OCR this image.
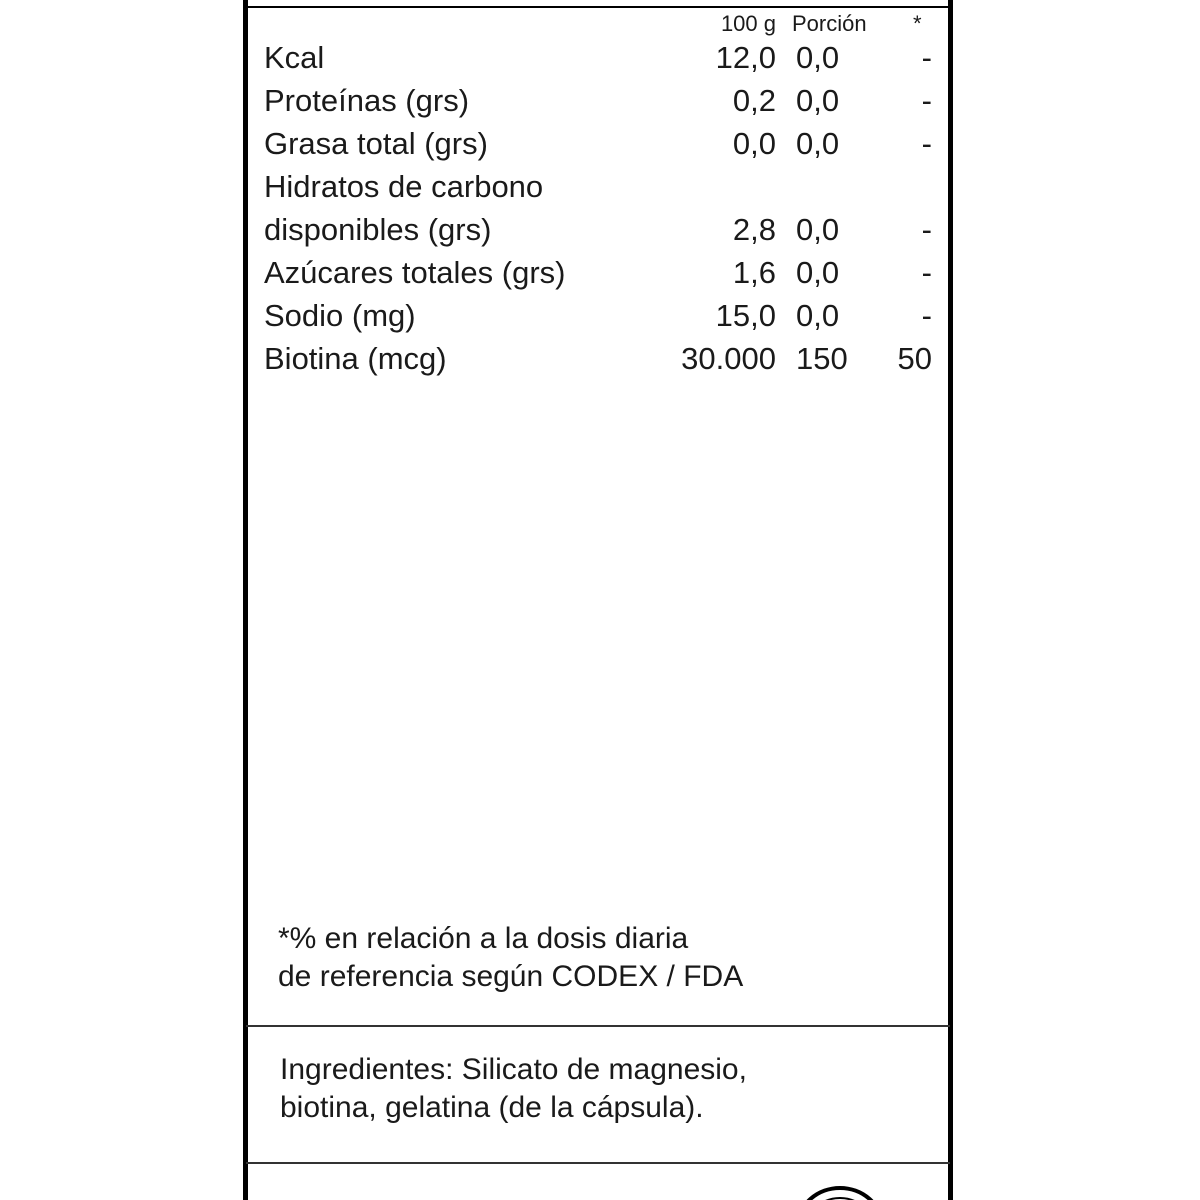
100 g Porción *
Kcal	12,0 0,0	-
Proteínas (grs)	0,2 0,0	-
Grasa total (grs)	0,0 0,0	-
Hidratos de carbono
disponibles (grs)	2,8 0,0	-
Azúcares totales (grs)	1,6 0,0	-
Sodio (mg)	15,0 0,0	-
Biotina (mcg)	30.000 150 50
*% en relación a la dosis diaria
de referencia según CODEX / FDA
Ingredientes: Silicato de magnesio,
biotina, gelatina (de la cápsula).
